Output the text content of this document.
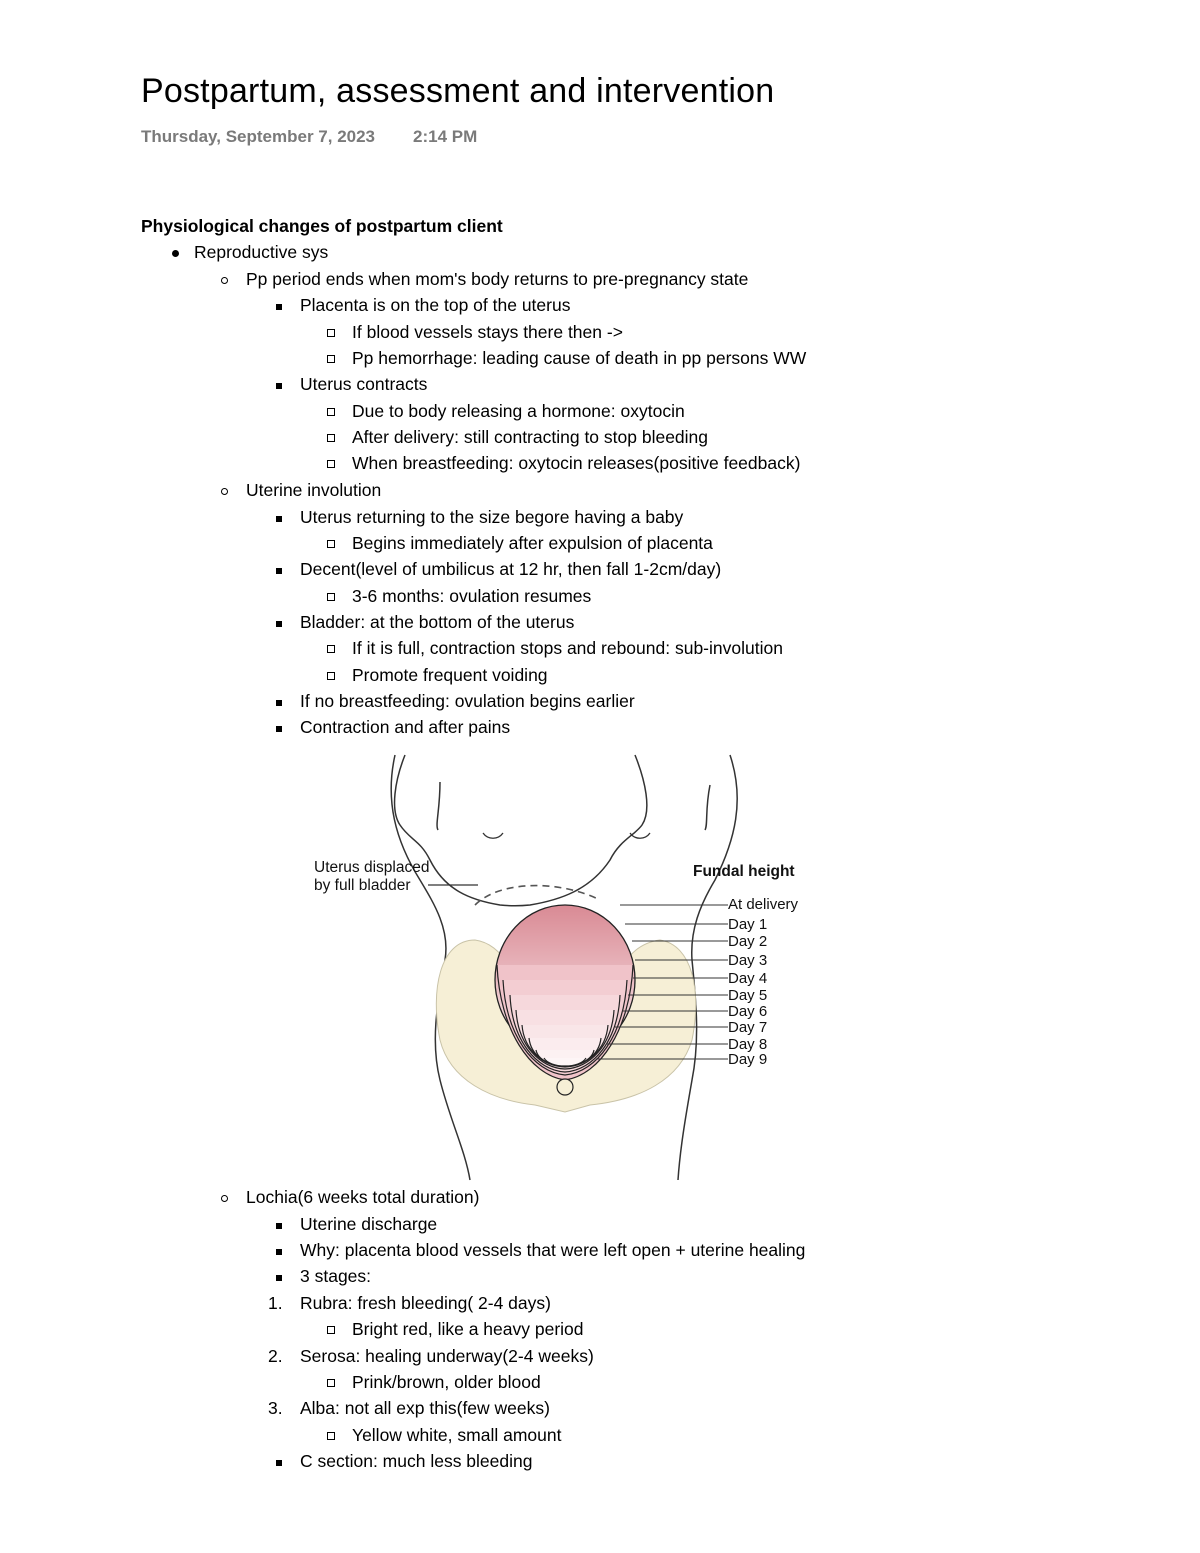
Postpartum, assessment and intervention
Thursday, September 7, 2023 2:14 PM
Physiological changes of postpartum client
Reproductive sys
Pp period ends when mom's body returns to pre-pregnancy state
Placenta is on the top of the uterus
If blood vessels stays there then ->
Pp hemorrhage: leading cause of death in pp persons WW
Uterus contracts
Due to body releasing a hormone: oxytocin
After delivery: still contracting to stop bleeding
When breastfeeding: oxytocin releases(positive feedback)
Uterine involution
Uterus returning to the size begore having a baby
Begins immediately after expulsion of placenta
Decent(level of umbilicus at 12 hr, then fall 1-2cm/day)
3-6 months: ovulation resumes
Bladder: at the bottom of the uterus
If it is full, contraction stops and rebound: sub-involution
Promote frequent voiding
If no breastfeeding: ovulation begins earlier
Contraction and after pains
Uterus displaced
by full bladder
Fundal height
At delivery
Day 1
Day 2
Day 3
Day 4
Day 5
Day 6
Day 7
Day 8
Day 9
Lochia(6 weeks total duration)
Uterine discharge
Why: placenta blood vessels that were left open + uterine healing
3 stages:
1. Rubra: fresh bleeding( 2-4 days)
Bright red, like a heavy period
2. Serosa: healing underway(2-4 weeks)
Prink/brown, older blood
3. Alba: not all exp this(few weeks)
Yellow white, small amount
C section: much less bleeding
